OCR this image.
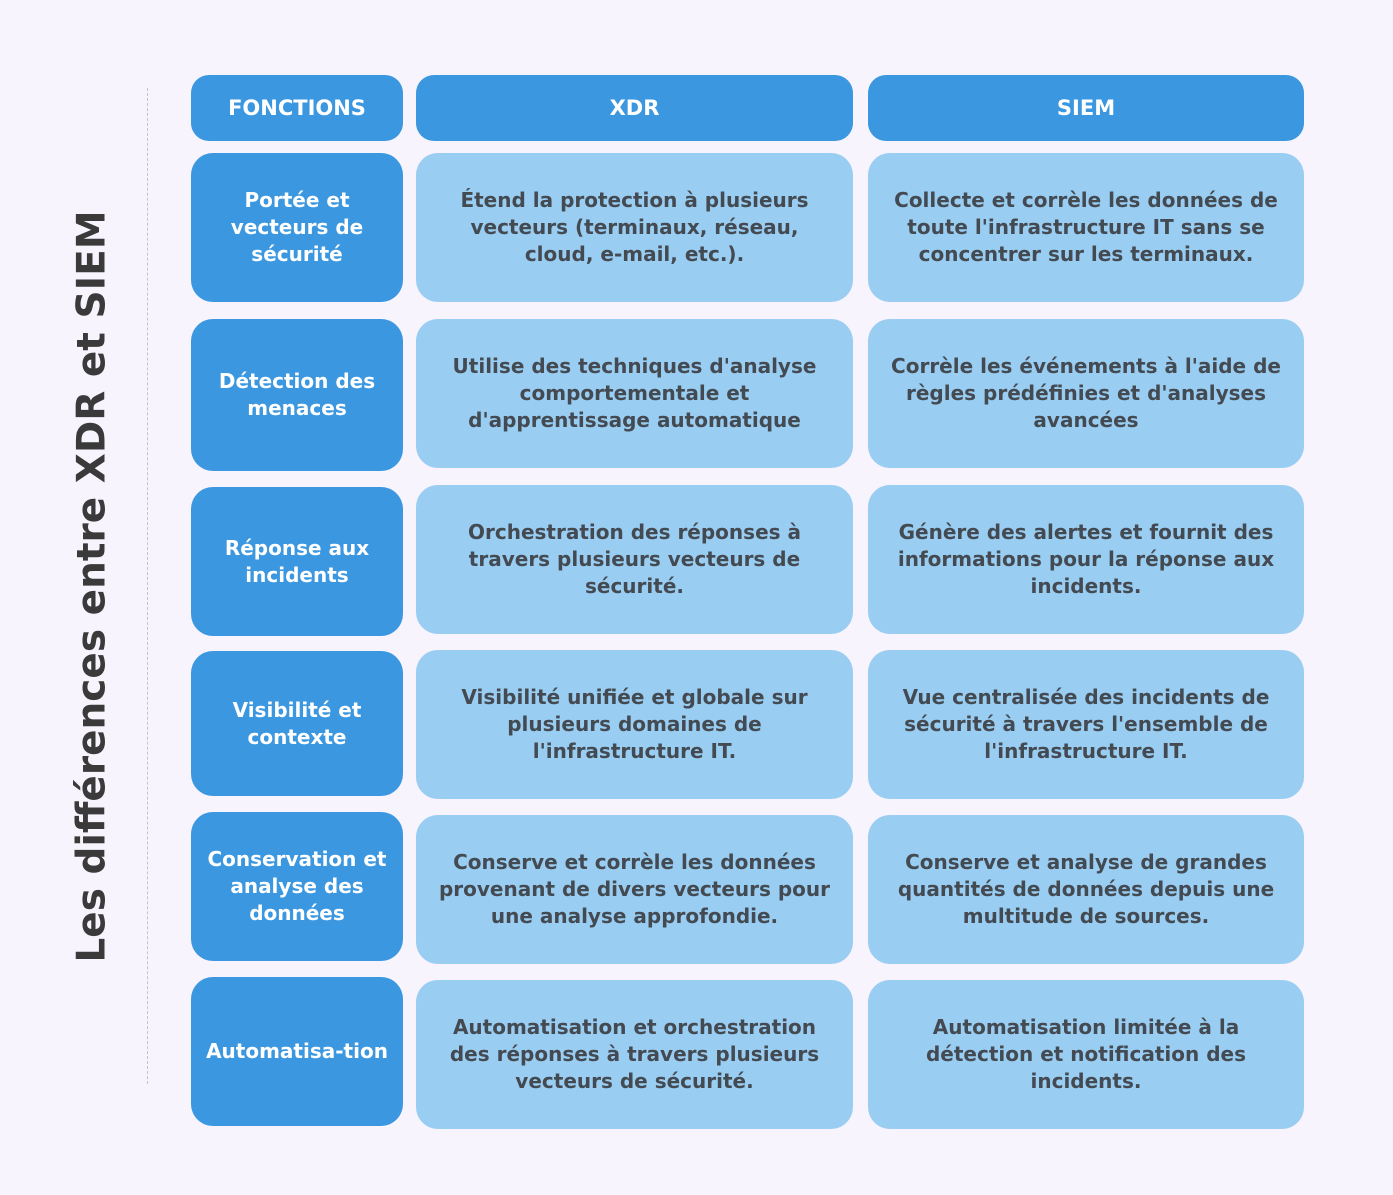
Les différences entre XDR et SIEM
FONCTIONS	XDR	SIEM
Portée et vecteurs de sécurité
Étend la protection à plusieurs vecteurs (terminaux, réseau, cloud, e-mail, etc.).
Collecte et corrèle les données de toute l'infrastructure IT sans se concentrer sur les terminaux.
Détection des menaces
Utilise des techniques d'analyse comportementale et d'apprentissage automatique
Corrèle les événements à l'aide de règles prédéfinies et d'analyses avancées
Réponse aux incidents
Orchestration des réponses à travers plusieurs vecteurs de sécurité.
Génère des alertes et fournit des informations pour la réponse aux incidents.
Visibilité et contexte
Visibilité unifiée et globale sur plusieurs domaines de l'infrastructure IT.
Vue centralisée des incidents de sécurité à travers l'ensemble de l'infrastructure IT.
Conservation et analyse des données
Conserve et corrèle les données provenant de divers vecteurs pour une analyse approfondie.
Conserve et analyse de grandes quantités de données depuis une multitude de sources.
Automatisa-tion
Automatisation et orchestration des réponses à travers plusieurs vecteurs de sécurité.
Automatisation limitée à la détection et notification des incidents.
